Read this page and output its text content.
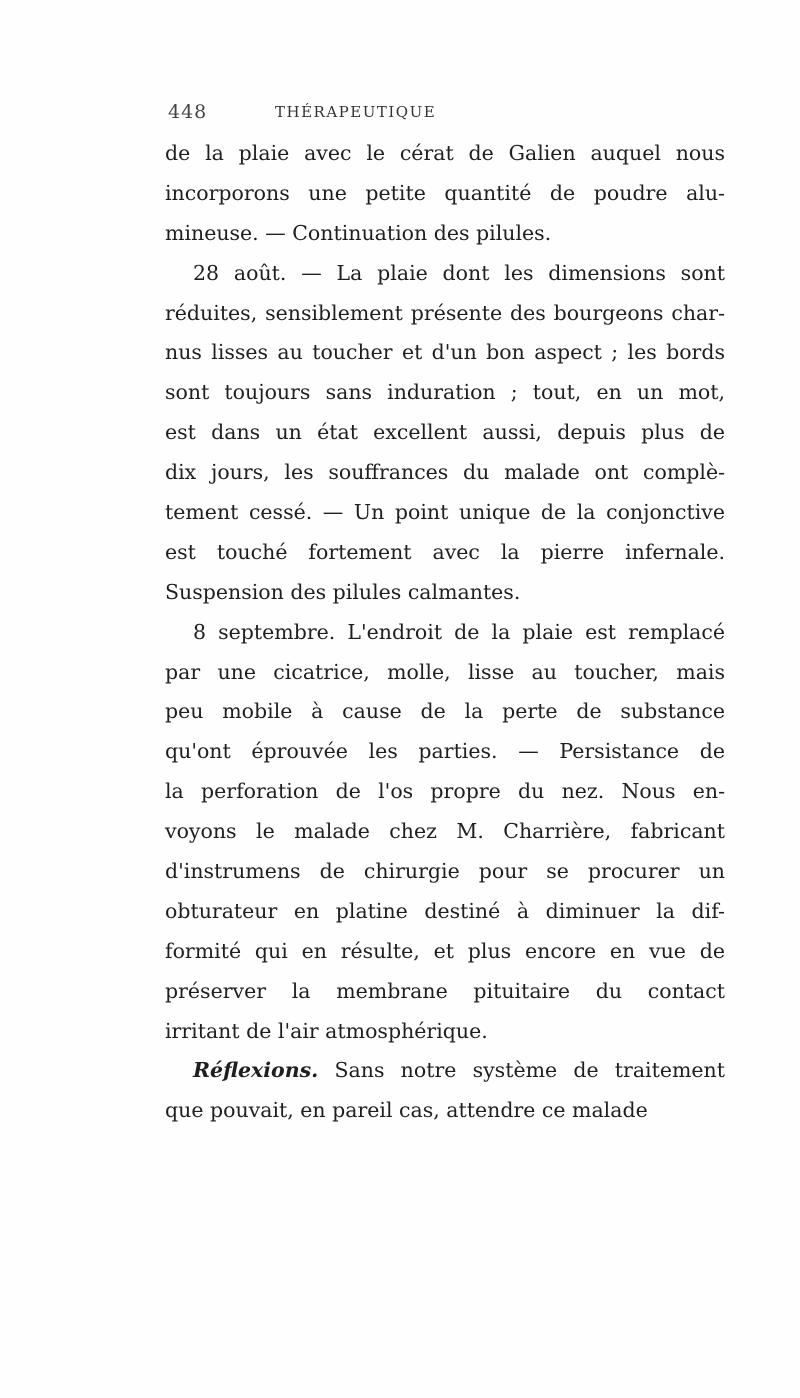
448	THÉRAPEUTIQUE
de la plaie avec le cérat de Galien auquel nous
incorporons une petite quantité de poudre alu-
mineuse. — Continuation des pilules.
28 août. — La plaie dont les dimensions sont
réduites, sensiblement présente des bourgeons char-
nus lisses au toucher et d'un bon aspect ; les bords
sont toujours sans induration ; tout, en un mot,
est dans un état excellent aussi, depuis plus de
dix jours, les souffrances du malade ont complè-
tement cessé. — Un point unique de la conjonctive
est touché fortement avec la pierre infernale.
Suspension des pilules calmantes.
8 septembre. L'endroit de la plaie est remplacé
par une cicatrice, molle, lisse au toucher, mais
peu mobile à cause de la perte de substance
qu'ont éprouvée les parties. — Persistance de
la perforation de l'os propre du nez. Nous en-
voyons le malade chez M. Charrière, fabricant
d'instrumens de chirurgie pour se procurer un
obturateur en platine destiné à diminuer la dif-
formité qui en résulte, et plus encore en vue de
préserver la membrane pituitaire du contact
irritant de l'air atmosphérique.
Réflexions. Sans notre système de traitement
que pouvait, en pareil cas, attendre ce malade
